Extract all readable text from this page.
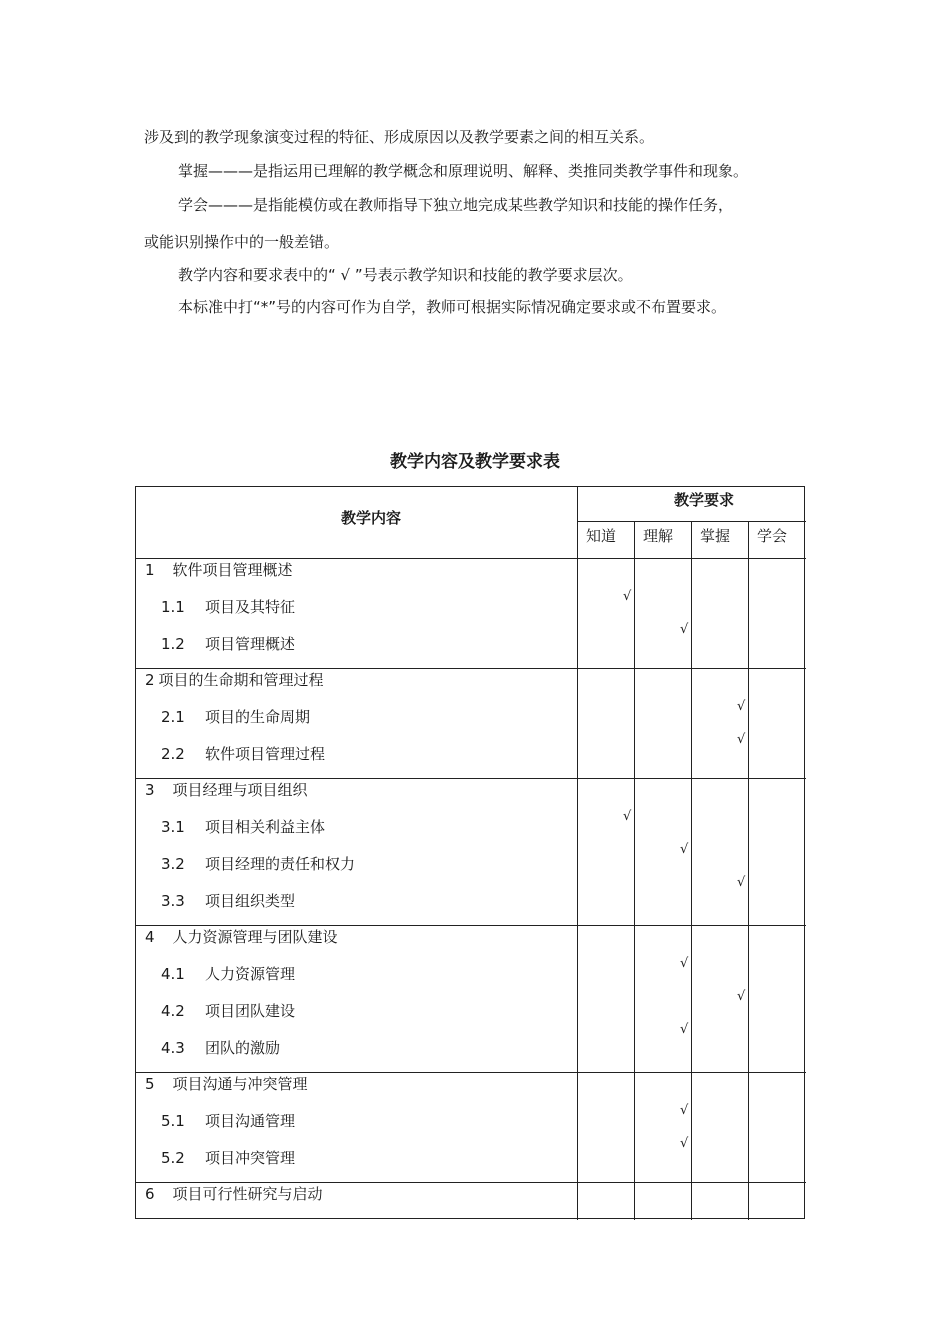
涉及到的教学现象演变过程的特征、形成原因以及教学要素之间的相互关系。
掌握———是指运用已理解的教学概念和原理说明、解释、类推同类教学事件和现象。
学会———是指能模仿或在教师指导下独立地完成某些教学知识和技能的操作任务，
或能识别操作中的一般差错。
教学内容和要求表中的“ √ ”号表示教学知识和技能的教学要求层次。
本标准中打“*”号的内容可作为自学，教师可根据实际情况确定要求或不布置要求。
教学内容及教学要求表
教学内容
教学要求
知道 理解 掌握 学会
1 软件项目管理概述
1.1 项目及其特征
√
1.2 项目管理概述
√
2 项目的生命期和管理过程
2.1 项目的生命周期
√
2.2 软件项目管理过程
√
3 项目经理与项目组织
3.1 项目相关利益主体
√
3.2 项目经理的责任和权力
√
3.3 项目组织类型
√
4 人力资源管理与团队建设
4.1 人力资源管理
√
4.2 项目团队建设
√
4.3 团队的激励
√
5 项目沟通与冲突管理
5.1 项目沟通管理
√
5.2 项目冲突管理
√
6 项目可行性研究与启动
